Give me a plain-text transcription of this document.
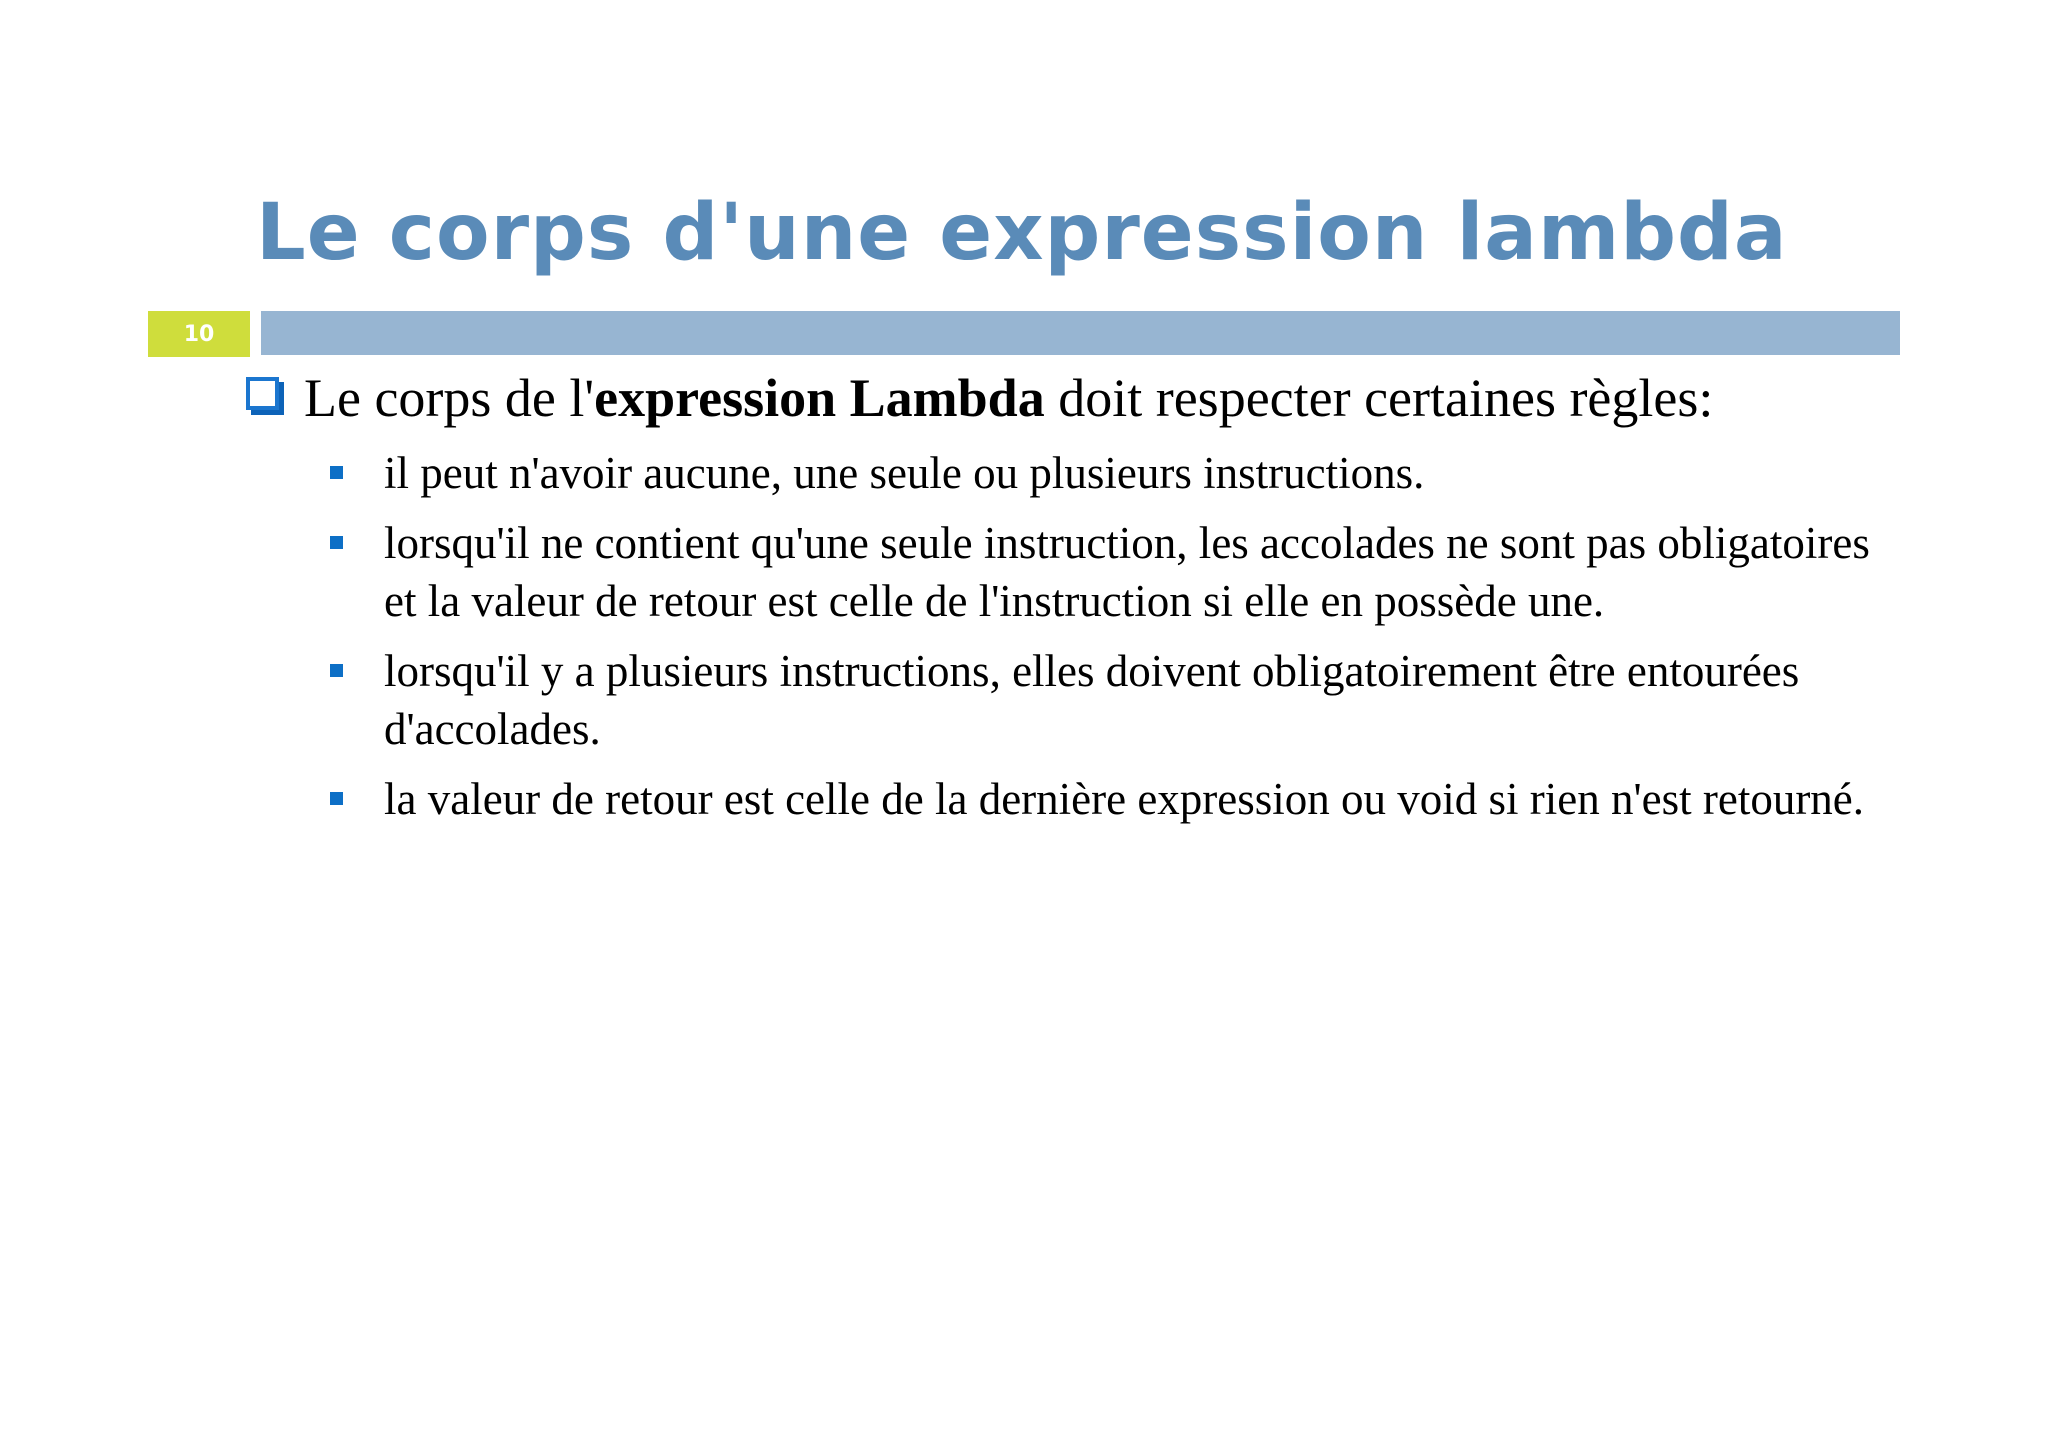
Le corps d'une expression lambda
10
Le corps de l'expression Lambda doit respecter certaines règles:
il peut n'avoir aucune, une seule ou plusieurs instructions.
lorsqu'il ne contient qu'une seule instruction, les accolades ne sont pas obligatoires et la valeur de retour est celle de l'instruction si elle en possède une.
lorsqu'il y a plusieurs instructions, elles doivent obligatoirement être entourées d'accolades.
la valeur de retour est celle de la dernière expression ou void si rien n'est retourné.
